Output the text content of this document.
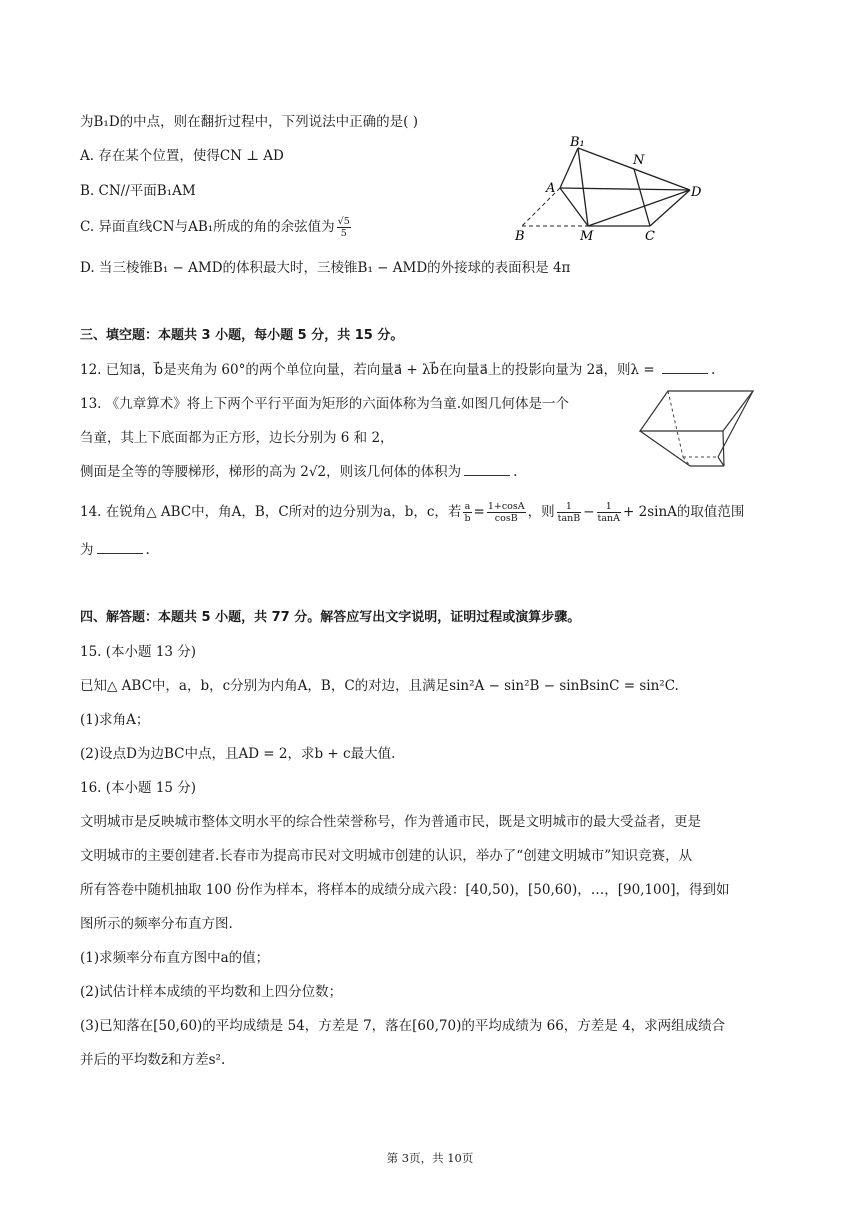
为B₁D的中点，则在翻折过程中，下列说法中正确的是( )
A. 存在某个位置，使得CN ⊥ AD
B. CN//平面B₁AM
C. 异面直线CN与AB₁所成的角的余弦值为 $\frac{√5}{5}$
D. 当三棱锥B₁ − AMD的体积最大时，三棱锥B₁ − AMD的外接球的表面积是 4π
B₁
N
A	D
B	M	C
三、填空题：本题共 3 小题，每小题 5 分，共 15 分。
12. 已知a⃗，b⃗是夹角为 60°的两个单位向量，若向量a⃗ + λb⃗在向量a⃗上的投影向量为 2a⃗，则λ =	.
13. 《九章算术》将上下两个平行平面为矩形的六面体称为刍童.如图几何体是一个
刍童，其上下底面都为正方形，边长分别为 6 和 2，
侧面是全等的等腰梯形，梯形的高为 2√2，则该几何体的体积为	.
14. 在锐角△ ABC中，角A，B，C所对的边分别为a，b，c，若 $\frac{a}{b} = \frac{1+\cos A}{\cos B}$ ，则 $\frac{1}{\tan B} - \frac{1}{\tan A} + 2\sin A$的取值范围
为	.
四、解答题：本题共 5 小题，共 77 分。解答应写出文字说明，证明过程或演算步骤。
15. (本小题 13 分)
已知△ ABC中，a，b，c分别为内角A，B，C的对边，且满足sin²A − sin²B − sinBsinC = sin²C.
(1)求角A；
(2)设点D为边BC中点，且AD = 2，求b + c最大值.
16. (本小题 15 分)
文明城市是反映城市整体文明水平的综合性荣誉称号，作为普通市民，既是文明城市的最大受益者，更是
文明城市的主要创建者.长春市为提高市民对文明城市创建的认识，举办了“创建文明城市”知识竞赛，从
所有答卷中随机抽取 100 份作为样本，将样本的成绩分成六段：[40,50)，[50,60)，…，[90,100]，得到如
图所示的频率分布直方图.
(1)求频率分布直方图中a的值；
(2)试估计样本成绩的平均数和上四分位数；
(3)已知落在[50,60)的平均成绩是 54，方差是 7，落在[60,70)的平均成绩为 66，方差是 4，求两组成绩合
并后的平均数z̄和方差s².
第 3页，共 10页
